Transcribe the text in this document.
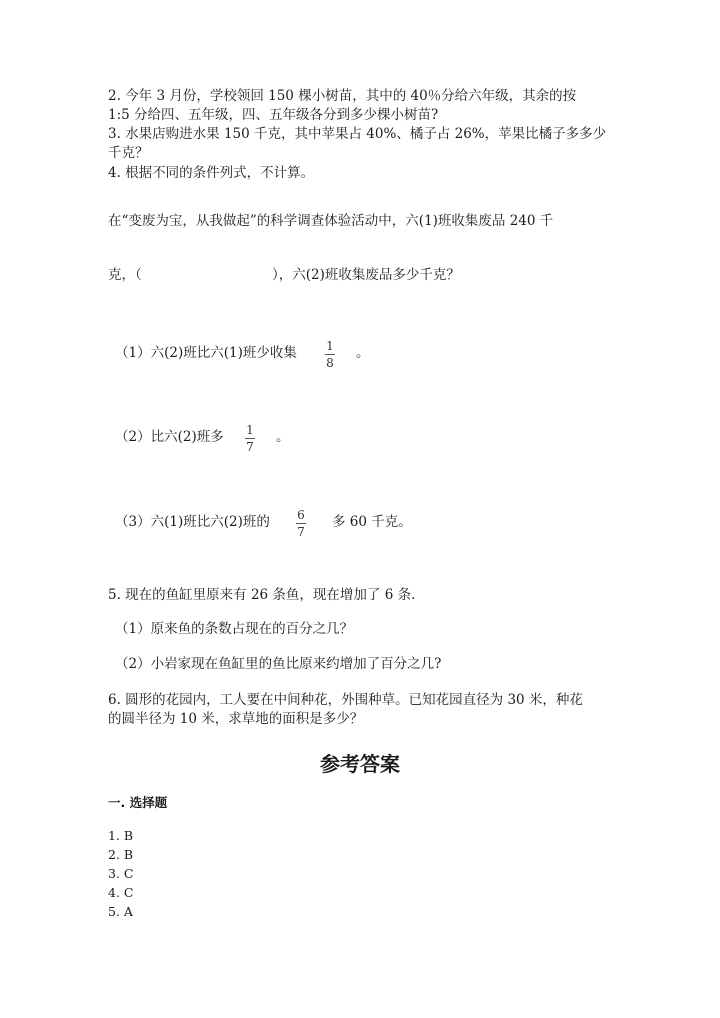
2. 今年 3 月份，学校领回 150 棵小树苗，其中的 40％分给六年级，其余的按
1:5 分给四、五年级，四、五年级各分到多少棵小树苗?
3. 水果店购进水果 150 千克，其中苹果占 40%、橘子占 26%，苹果比橘子多多少
千克？
4. 根据不同的条件列式，不计算。
在“变废为宝，从我做起”的科学调查体验活动中，六(1)班收集废品 240 千
克，（	），六(2)班收集废品多少千克？
（1）六(2)班比六(1)班少收集 1
8
。
（2）比六(2)班多 1
7
。
（3）六(1)班比六(2)班的 6
7
多 60 千克。
5. 现在的鱼缸里原来有 26 条鱼，现在增加了 6 条.
（1）原来鱼的条数占现在的百分之几？
（2）小岩家现在鱼缸里的鱼比原来约增加了百分之几?
6. 圆形的花园内，工人要在中间种花，外围种草。已知花园直径为 30 米，种花
的圆半径为 10 米，求草地的面积是多少？
参考答案
一. 选择题
1. B
2. B
3. C
4. C
5. A
